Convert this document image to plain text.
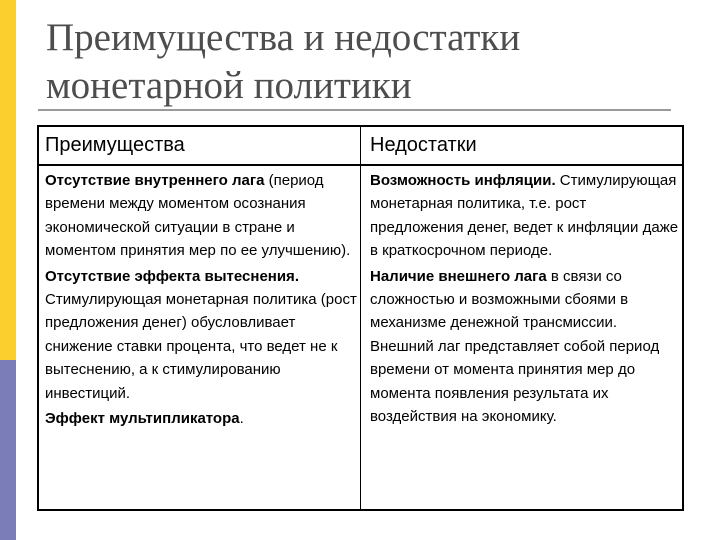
Преимущества и недостатки
монетарной политики
Преимущества

Отсутствие внутреннего лага (период времени между моментом осознания экономической ситуации в стране и моментом принятия мер по ее улучшению).

Отсутствие эффекта вытеснения. Стимулирующая монетарная политика (рост предложения денег) обусловливает снижение ставки процента, что ведет не к вытеснению, а к стимулированию инвестиций.

Эффект мультипликатора.

Недостатки

Возможность инфляции. Стимулирующая монетарная политика, т.е. рост предложения денег, ведет к инфляции даже в краткосрочном периоде.

Наличие внешнего лага в связи со сложностью и возможными сбоями в механизме денежной трансмиссии. Внешний лаг представляет собой период времени от момента принятия мер до момента появления результата их воздействия на экономику.
